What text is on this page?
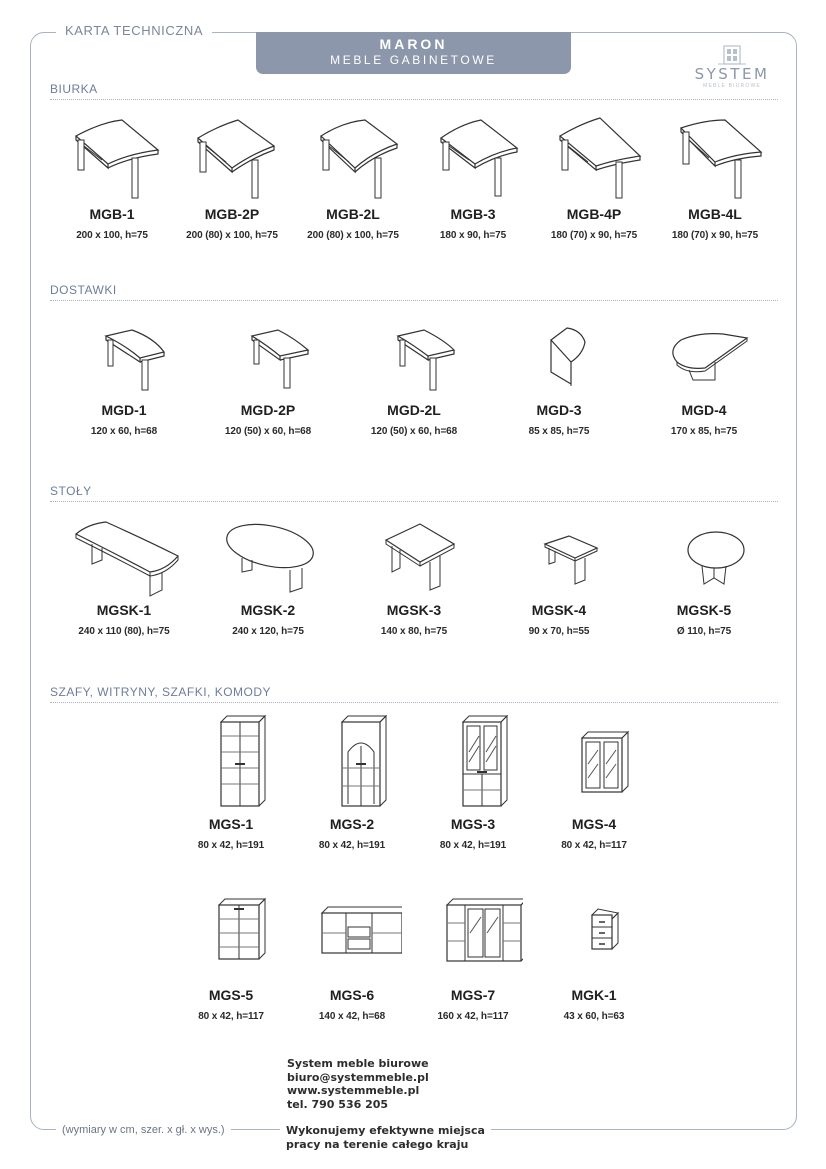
KARTA TECHNICZNA
MARON
MEBLE GABINETOWE
SYSTEM
MEBLE BIUROWE
BIURKA
DOSTAWKI
STOŁY
SZAFY, WITRYNY, SZAFKI, KOMODY
MGB-1
200 x 100, h=75
MGB-2P
200 (80) x 100, h=75
MGB-2L
200 (80) x 100, h=75
MGB-3
180 x 90, h=75
MGB-4P
180 (70) x 90, h=75
MGB-4L
180 (70) x 90, h=75
MGD-1
120 x 60, h=68
MGD-2P
120 (50) x 60, h=68
MGD-2L
120 (50) x 60, h=68
MGD-3
85 x 85, h=75
MGD-4
170 x 85, h=75
MGSK-1
240 x 110 (80), h=75
MGSK-2
240 x 120, h=75
MGSK-3
140 x 80, h=75
MGSK-4
90 x 70, h=55
MGSK-5
Ø 110, h=75
MGS-1
80 x 42, h=191
MGS-2
80 x 42, h=191
MGS-3
80 x 42, h=191
MGS-4
80 x 42, h=117
MGS-5
80 x 42, h=117
MGS-6
140 x 42, h=68
MGS-7
160 x 42, h=117
MGK-1
43 x 60, h=63
System meble biurowe
biuro@systemmeble.pl
www.systemmeble.pl
tel. 790 536 205
(wymiary w cm, szer. x gł. x wys.)	Wykonujemy efektywne miejsca
pracy na terenie całego kraju
